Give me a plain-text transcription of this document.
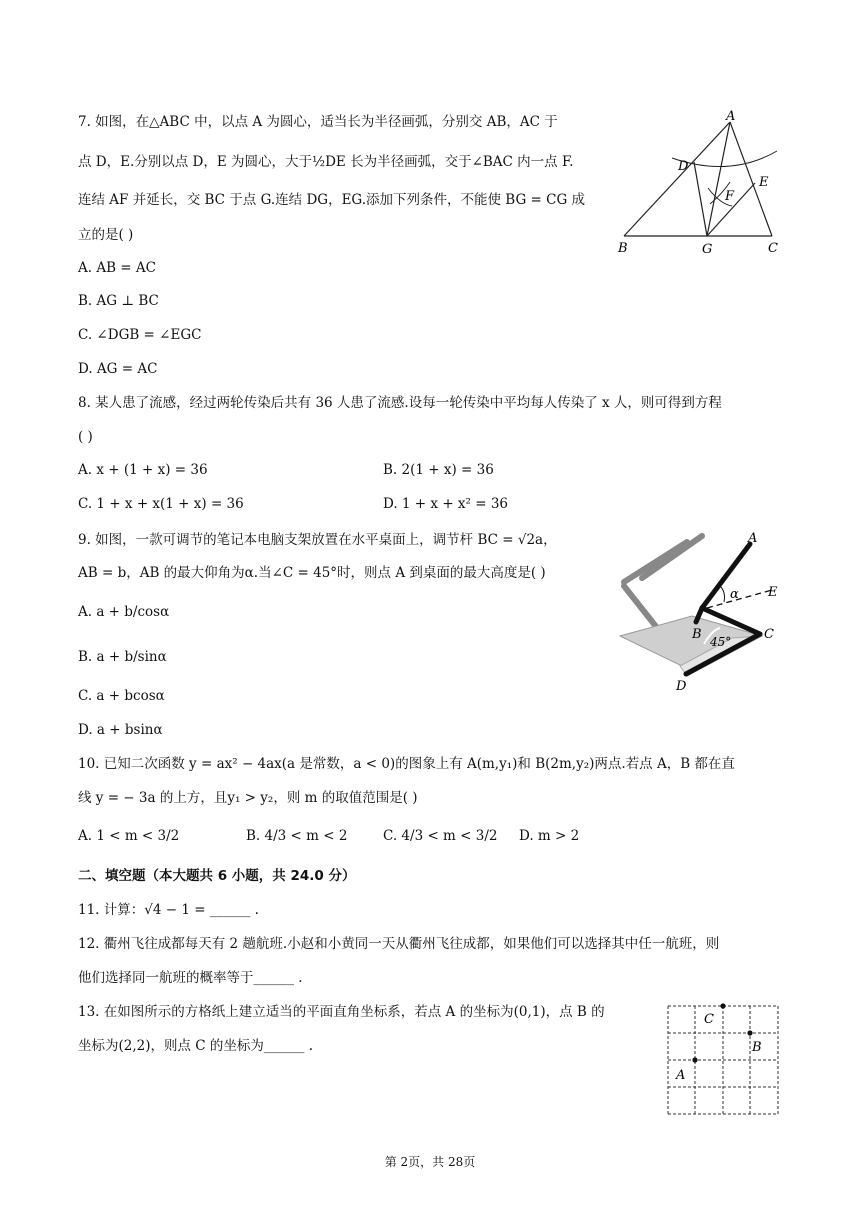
7. 如图，在△ABC 中，以点 A 为圆心，适当长为半径画弧，分别交 AB，AC 于
点 D，E.分别以点 D，E 为圆心，大于½DE 长为半径画弧，交于∠BAC 内一点 F.
连结 AF 并延长，交 BC 于点 G.连结 DG，EG.添加下列条件，不能使 BG = CG 成
立的是( )
A. AB = AC
B. AG ⊥ BC
C. ∠DGB = ∠EGC
D. AG = AC
A
D
E
F
B	G	C
8. 某人患了流感，经过两轮传染后共有 36 人患了流感.设每一轮传染中平均每人传染了 x 人，则可得到方程
( )
A. x + (1 + x) = 36	B. 2(1 + x) = 36
C. 1 + x + x(1 + x) = 36	D. 1 + x + x² = 36
9. 如图，一款可调节的笔记本电脑支架放置在水平桌面上，调节杆 BC = √2a，
AB = b，AB 的最大仰角为α.当∠C = 45°时，则点 A 到桌面的最大高度是( )
A. a + b/cosα
B. a + b/sinα
C. a + bcosα
D. a + bsinα
A
α E
B 45°	C
D
10. 已知二次函数 y = ax² − 4ax(a 是常数，a < 0)的图象上有 A(m,y₁)和 B(2m,y₂)两点.若点 A，B 都在直
线 y = − 3a 的上方，且y₁ > y₂，则 m 的取值范围是( )
A. 1 < m < 3/2	B. 4/3 < m < 2	C. 4/3 < m < 3/2 D. m > 2
二、填空题（本大题共 6 小题，共 24.0 分）
11. 计算：√4 − 1 = ______ .
12. 衢州飞往成都每天有 2 趟航班.小赵和小黄同一天从衢州飞往成都，如果他们可以选择其中任一航班，则
他们选择同一航班的概率等于______ .
13. 在如图所示的方格纸上建立适当的平面直角坐标系，若点 A 的坐标为(0,1)，点 B 的
坐标为(2,2)，则点 C 的坐标为______ .
C
B
A
第 2页，共 28页
